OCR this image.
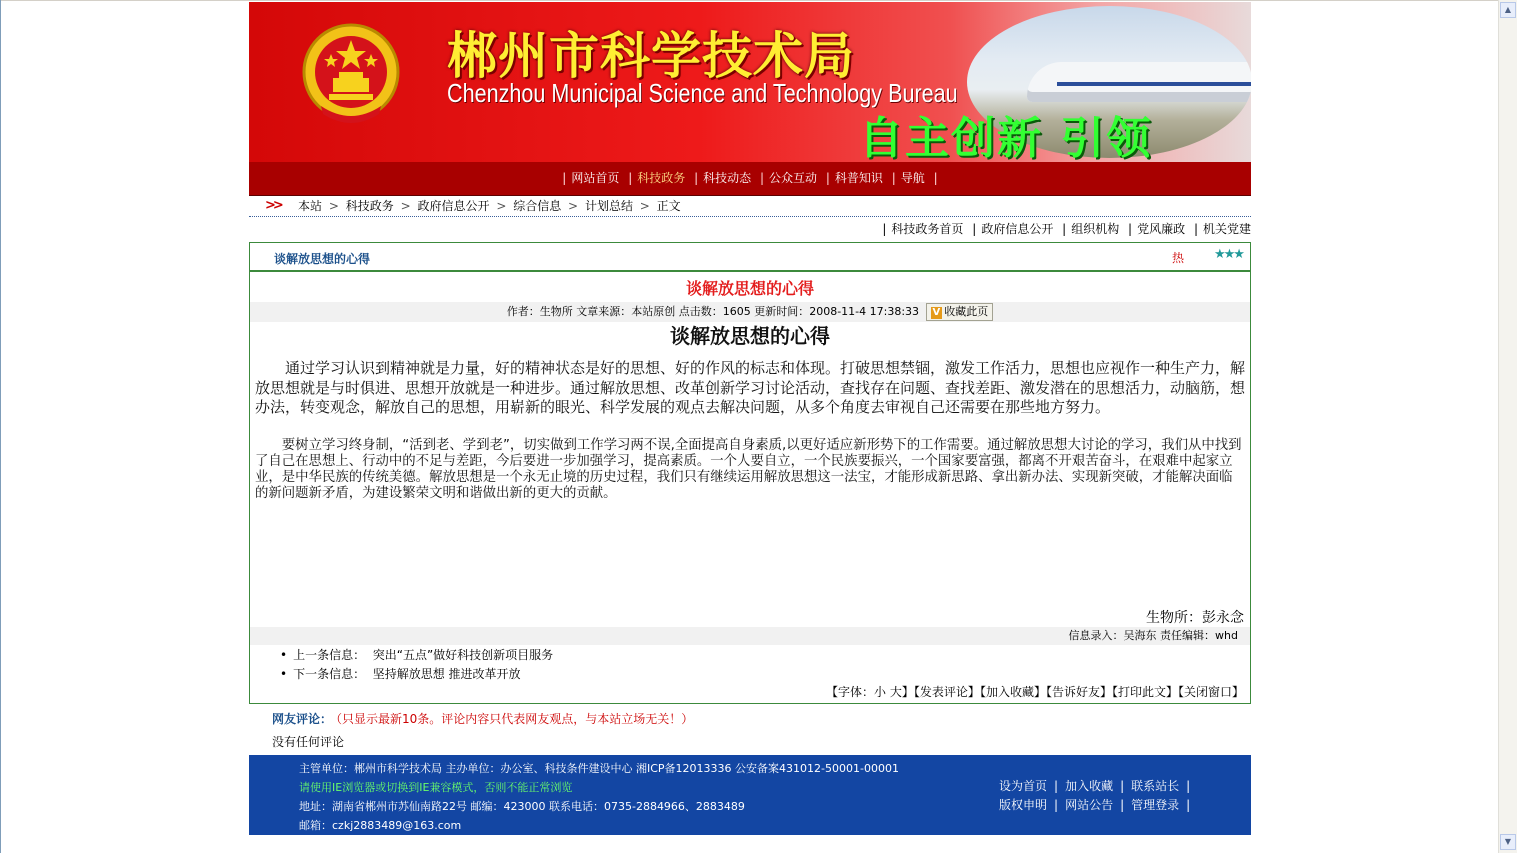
▲
▼
郴州市科学技术局
Chenzhou Municipal Science and Technology Bureau
自主创新 引领
| 网站首页 | 科技政务 | 科技动态 | 公众互动 | 科普知识 | 导航 |
>> 本站 > 科技政务 > 政府信息公开 > 综合信息 > 计划总结 > 正文
| 科技政务首页 | 政府信息公开 | 组织机构 | 党风廉政 | 机关党建
谈解放思想的心得	热 ★★★
谈解放思想的心得
作者：生物所 文章来源：本站原创 点击数：1605 更新时间：2008-11-4 17:38:33 V 收藏此页
谈解放思想的心得

通过学习认识到精神就是力量，好的精神状态是好的思想、好的作风的标志和体现。打破思想禁锢，激发工作活力，思想也应视作一种生产力，解放思想就是与时俱进、思想开放就是一种进步。通过解放思想、改革创新学习讨论活动，查找存在问题、查找差距、激发潜在的思想活力，动脑筋，想办法，转变观念，解放自己的思想，用崭新的眼光、科学发展的观点去解决问题，从多个角度去审视自己还需要在那些地方努力。

要树立学习终身制，“活到老、学到老”，切实做到工作学习两不误,全面提高自身素质,以更好适应新形势下的工作需要。通过解放思想大讨论的学习，我们从中找到了自己在思想上、行动中的不足与差距，今后要进一步加强学习，提高素质。一个人要自立，一个民族要振兴，一个国家要富强，都离不开艰苦奋斗，在艰难中起家立业，是中华民族的传统美德。解放思想是一个永无止境的历史过程，我们只有继续运用解放思想这一法宝，才能形成新思路、拿出新办法、实现新突破，才能解决面临的新问题新矛盾，为建设繁荣文明和谐做出新的更大的贡献。

生物所：彭永念
信息录入：吴海东 责任编辑：whd
• 上一条信息： 突出“五点”做好科技创新项目服务
• 下一条信息： 坚持解放思想 推进改革开放
【字体：小 大】【发表评论】【加入收藏】【告诉好友】【打印此文】【关闭窗口】
网友评论： （只显示最新10条。评论内容只代表网友观点，与本站立场无关！）
没有任何评论
主管单位：郴州市科学技术局 主办单位：办公室、科技条件建设中心 湘ICP备12013336 公安备案431012-50001-00001
请使用IE浏览器或切换到IE兼容模式，否则不能正常浏览
地址：湖南省郴州市苏仙南路22号 邮编：423000 联系电话：0735-2884966、2883489
邮箱：czkj2883489@163.com
设为首页 | 加入收藏 | 联系站长 |
版权申明 | 网站公告 | 管理登录 |
